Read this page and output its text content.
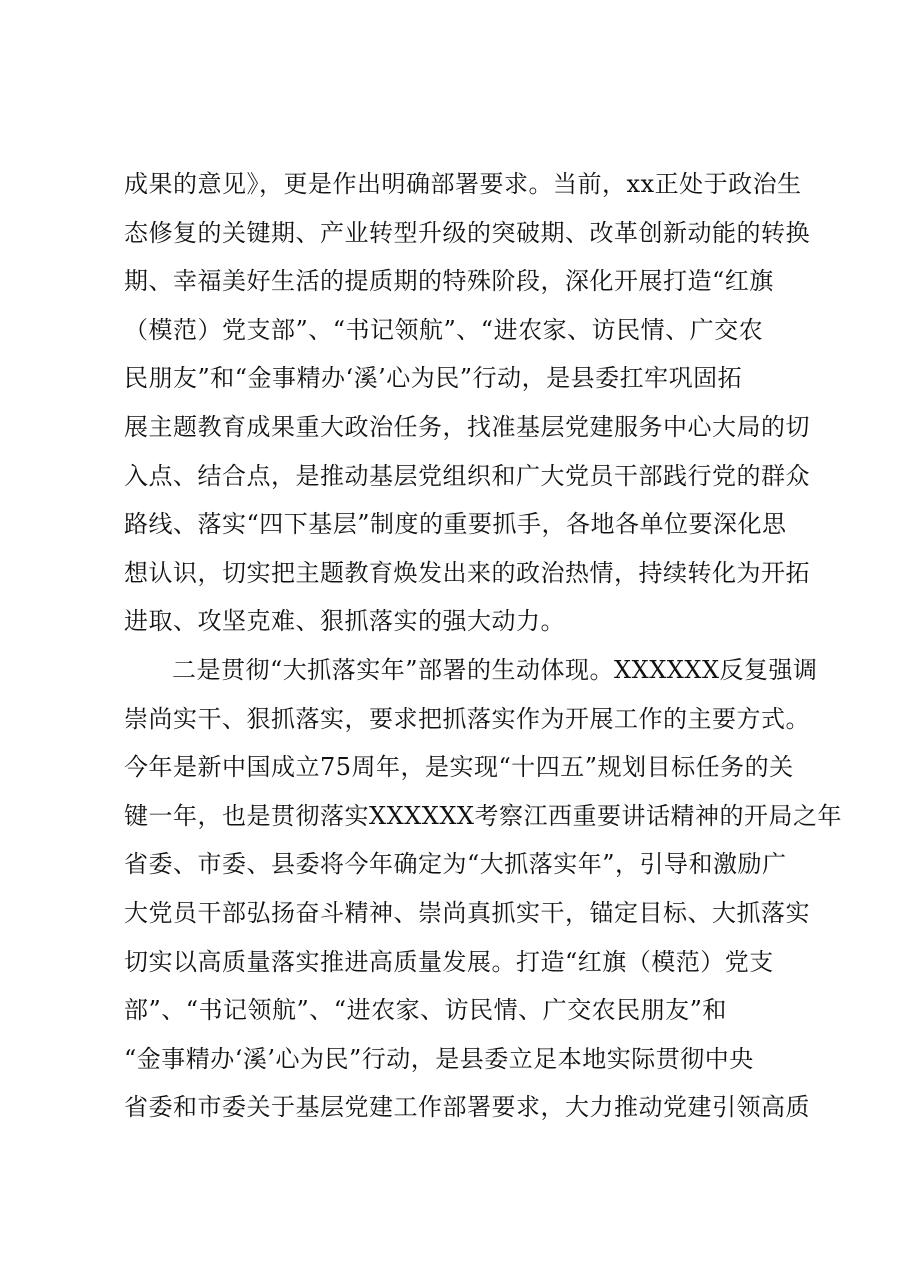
成果的意见》，更是作出明确部署要求。当前，xx正处于政治生
态修复的关键期、产业转型升级的突破期、改革创新动能的转换
期、幸福美好生活的提质期的特殊阶段，深化开展打造“红旗
（模范）党支部”、“书记领航”、“进农家、访民情、广交农
民朋友”和“金事精办‘溪’心为民”行动，是县委扛牢巩固拓
展主题教育成果重大政治任务，找准基层党建服务中心大局的切
入点、结合点，是推动基层党组织和广大党员干部践行党的群众
路线、落实“四下基层”制度的重要抓手，各地各单位要深化思
想认识，切实把主题教育焕发出来的政治热情，持续转化为开拓
进取、攻坚克难、狠抓落实的强大动力。
二是贯彻“大抓落实年”部署的生动体现。XXXXXX反复强调
崇尚实干、狠抓落实，要求把抓落实作为开展工作的主要方式。
今年是新中国成立75周年，是实现“十四五”规划目标任务的关
键一年，也是贯彻落实XXXXXX考察江西重要讲话精神的开局之年
省委、市委、县委将今年确定为“大抓落实年”，引导和激励广
大党员干部弘扬奋斗精神、崇尚真抓实干，锚定目标、大抓落实
切实以高质量落实推进高质量发展。打造“红旗（模范）党支
部”、“书记领航”、“进农家、访民情、广交农民朋友”和
“金事精办‘溪’心为民”行动，是县委立足本地实际贯彻中央
省委和市委关于基层党建工作部署要求，大力推动党建引领高质
